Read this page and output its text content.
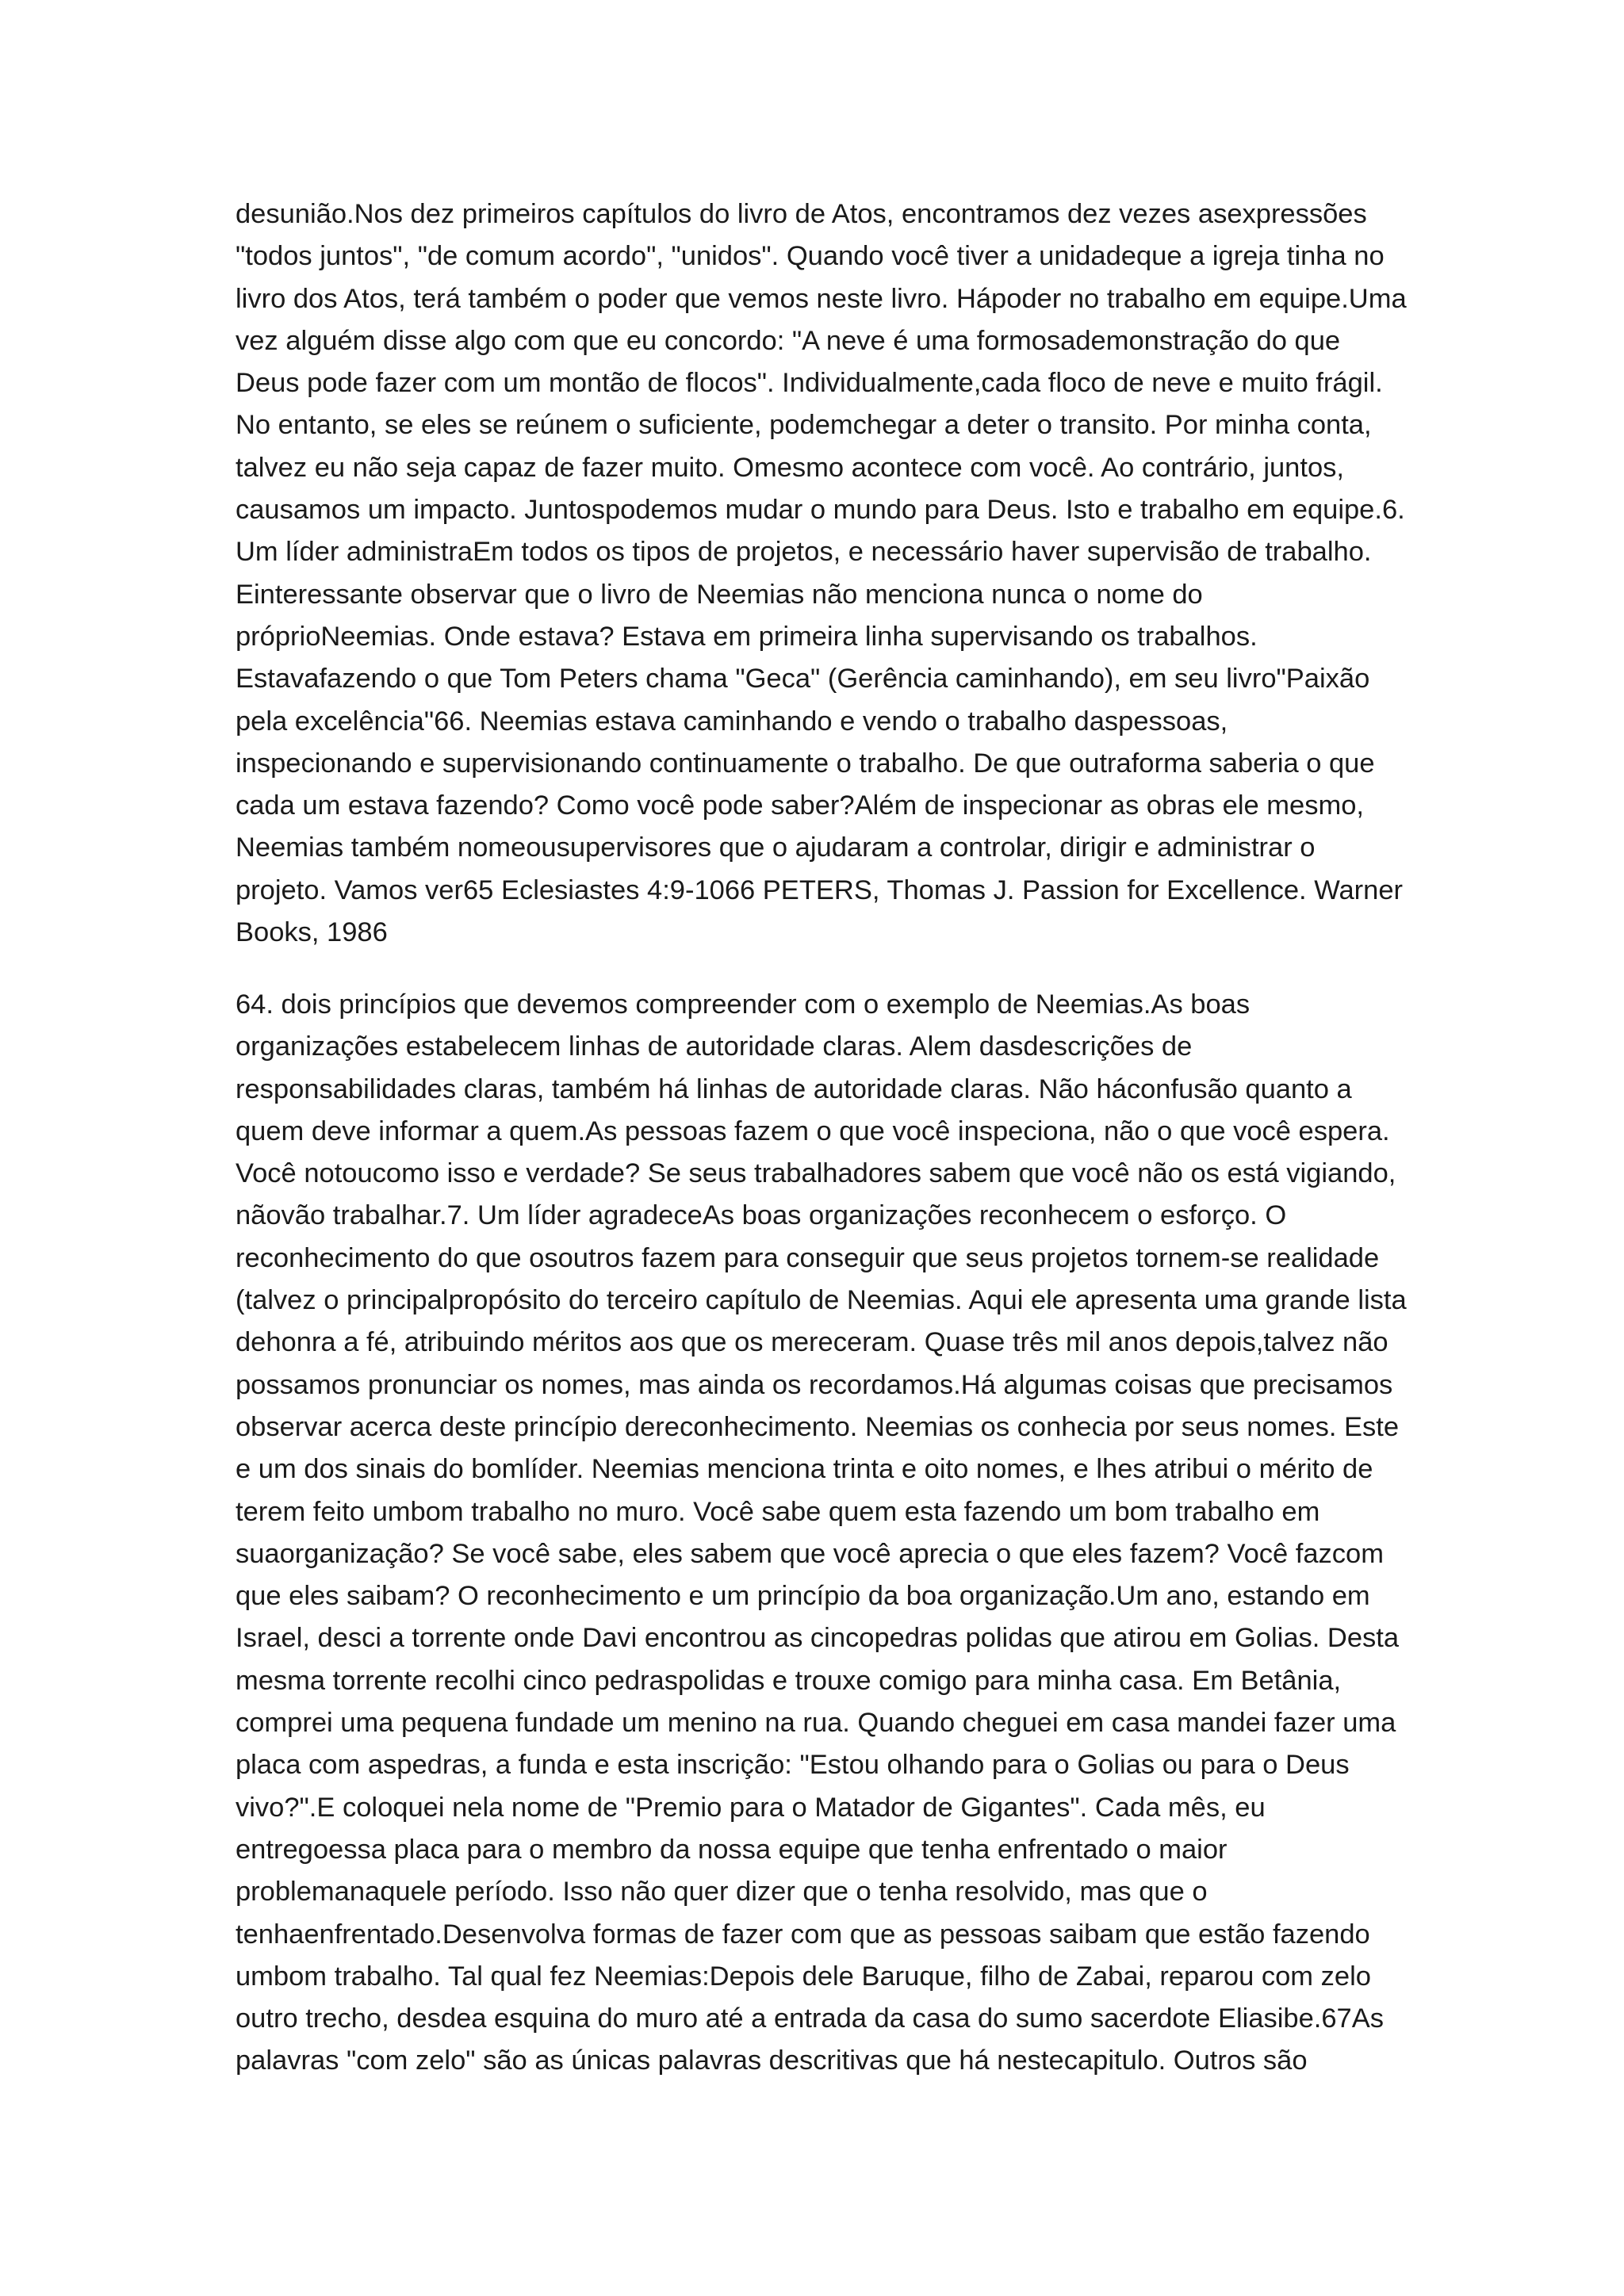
desunião.Nos dez primeiros capítulos do livro de Atos, encontramos dez vezes asexpressões "todos juntos", "de comum acordo", "unidos". Quando você tiver a unidadeque a igreja tinha no livro dos Atos, terá também o poder que vemos neste livro. Hápoder no trabalho em equipe.Uma vez alguém disse algo com que eu concordo: "A neve é uma formosademonstração do que Deus pode fazer com um montão de flocos". Individualmente,cada floco de neve e muito frágil. No entanto, se eles se reúnem o suficiente, podemchegar a deter o transito. Por minha conta, talvez eu não seja capaz de fazer muito. Omesmo acontece com você. Ao contrário, juntos, causamos um impacto. Juntospodemos mudar o mundo para Deus. Isto e trabalho em equipe.6. Um líder administraEm todos os tipos de projetos, e necessário haver supervisão de trabalho. Einteressante observar que o livro de Neemias não menciona nunca o nome do próprioNeemias. Onde estava? Estava em primeira linha supervisando os trabalhos. Estavafazendo o que Tom Peters chama "Geca" (Gerência caminhando), em seu livro"Paixão pela excelência"66. Neemias estava caminhando e vendo o trabalho daspessoas, inspecionando e supervisionando continuamente o trabalho. De que outraforma saberia o que cada um estava fazendo? Como você pode saber?Além de inspecionar as obras ele mesmo, Neemias também nomeousupervisores que o ajudaram a controlar, dirigir e administrar o projeto. Vamos ver65 Eclesiastes 4:9-1066 PETERS, Thomas J. Passion for Excellence. Warner Books, 1986

64. dois princípios que devemos compreender com o exemplo de Neemias.As boas organizações estabelecem linhas de autoridade claras. Alem dasdescrições de responsabilidades claras, também há linhas de autoridade claras. Não háconfusão quanto a quem deve informar a quem.As pessoas fazem o que você inspeciona, não o que você espera. Você notoucomo isso e verdade? Se seus trabalhadores sabem que você não os está vigiando, nãovão trabalhar.7. Um líder agradeceAs boas organizações reconhecem o esforço. O reconhecimento do que osoutros fazem para conseguir que seus projetos tornem-se realidade (talvez o principalpropósito do terceiro capítulo de Neemias. Aqui ele apresenta uma grande lista dehonra a fé, atribuindo méritos aos que os mereceram. Quase três mil anos depois,talvez não possamos pronunciar os nomes, mas ainda os recordamos.Há algumas coisas que precisamos observar acerca deste princípio dereconhecimento. Neemias os conhecia por seus nomes. Este e um dos sinais do bomlíder. Neemias menciona trinta e oito nomes, e lhes atribui o mérito de terem feito umbom trabalho no muro. Você sabe quem esta fazendo um bom trabalho em suaorganização? Se você sabe, eles sabem que você aprecia o que eles fazem? Você fazcom que eles saibam? O reconhecimento e um princípio da boa organização.Um ano, estando em Israel, desci a torrente onde Davi encontrou as cincopedras polidas que atirou em Golias. Desta mesma torrente recolhi cinco pedraspolidas e trouxe comigo para minha casa. Em Betânia, comprei uma pequena fundade um menino na rua. Quando cheguei em casa mandei fazer uma placa com aspedras, a funda e esta inscrição: "Estou olhando para o Golias ou para o Deus vivo?".E coloquei nela nome de "Premio para o Matador de Gigantes". Cada mês, eu entregoessa placa para o membro da nossa equipe que tenha enfrentado o maior problemanaquele período. Isso não quer dizer que o tenha resolvido, mas que o tenhaenfrentado.Desenvolva formas de fazer com que as pessoas saibam que estão fazendo umbom trabalho. Tal qual fez Neemias:Depois dele Baruque, filho de Zabai, reparou com zelo outro trecho, desdea esquina do muro até a entrada da casa do sumo sacerdote Eliasibe.67As palavras "com zelo" são as únicas palavras descritivas que há nestecapitulo. Outros são
